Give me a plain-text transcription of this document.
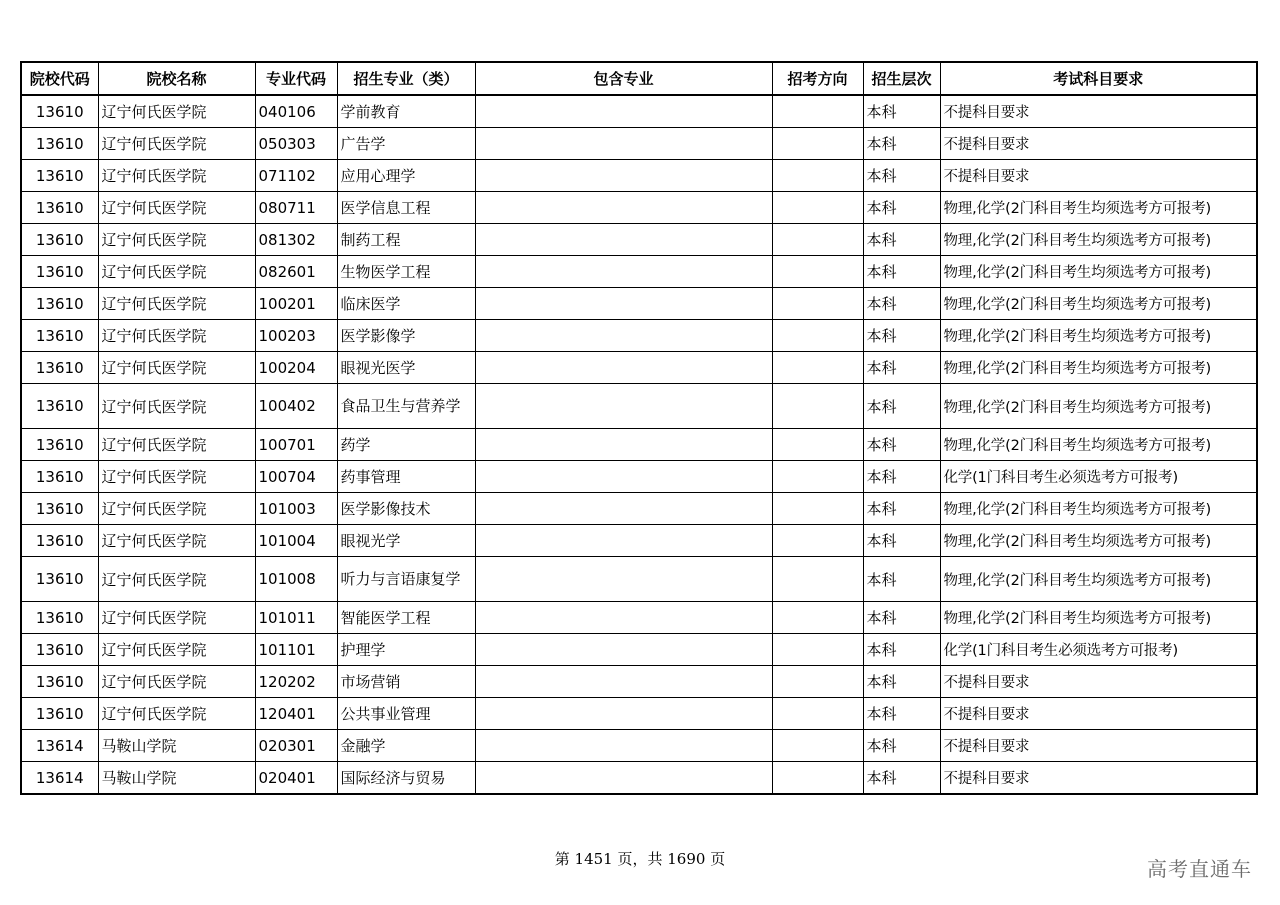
院校代码	院校名称	专业代码	招生专业（类）	包含专业	招考方向	招生层次	考试科目要求
13610	辽宁何氏医学院	040106	学前教育			本科	不提科目要求
13610	辽宁何氏医学院	050303	广告学			本科	不提科目要求
13610	辽宁何氏医学院	071102	应用心理学			本科	不提科目要求
13610	辽宁何氏医学院	080711	医学信息工程			本科	物理,化学(2门科目考生均须选考方可报考)
13610	辽宁何氏医学院	081302	制药工程			本科	物理,化学(2门科目考生均须选考方可报考)
13610	辽宁何氏医学院	082601	生物医学工程			本科	物理,化学(2门科目考生均须选考方可报考)
13610	辽宁何氏医学院	100201	临床医学			本科	物理,化学(2门科目考生均须选考方可报考)
13610	辽宁何氏医学院	100203	医学影像学			本科	物理,化学(2门科目考生均须选考方可报考)
13610	辽宁何氏医学院	100204	眼视光医学			本科	物理,化学(2门科目考生均须选考方可报考)
13610	辽宁何氏医学院	100402	食品卫生与营养学			本科	物理,化学(2门科目考生均须选考方可报考)
13610	辽宁何氏医学院	100701	药学			本科	物理,化学(2门科目考生均须选考方可报考)
13610	辽宁何氏医学院	100704	药事管理			本科	化学(1门科目考生必须选考方可报考)
13610	辽宁何氏医学院	101003	医学影像技术			本科	物理,化学(2门科目考生均须选考方可报考)
13610	辽宁何氏医学院	101004	眼视光学			本科	物理,化学(2门科目考生均须选考方可报考)
13610	辽宁何氏医学院	101008	听力与言语康复学			本科	物理,化学(2门科目考生均须选考方可报考)
13610	辽宁何氏医学院	101011	智能医学工程			本科	物理,化学(2门科目考生均须选考方可报考)
13610	辽宁何氏医学院	101101	护理学			本科	化学(1门科目考生必须选考方可报考)
13610	辽宁何氏医学院	120202	市场营销			本科	不提科目要求
13610	辽宁何氏医学院	120401	公共事业管理			本科	不提科目要求
13614	马鞍山学院	020301	金融学			本科	不提科目要求
13614	马鞍山学院	020401	国际经济与贸易			本科	不提科目要求
第 1451 页，共 1690 页	高考直通车
